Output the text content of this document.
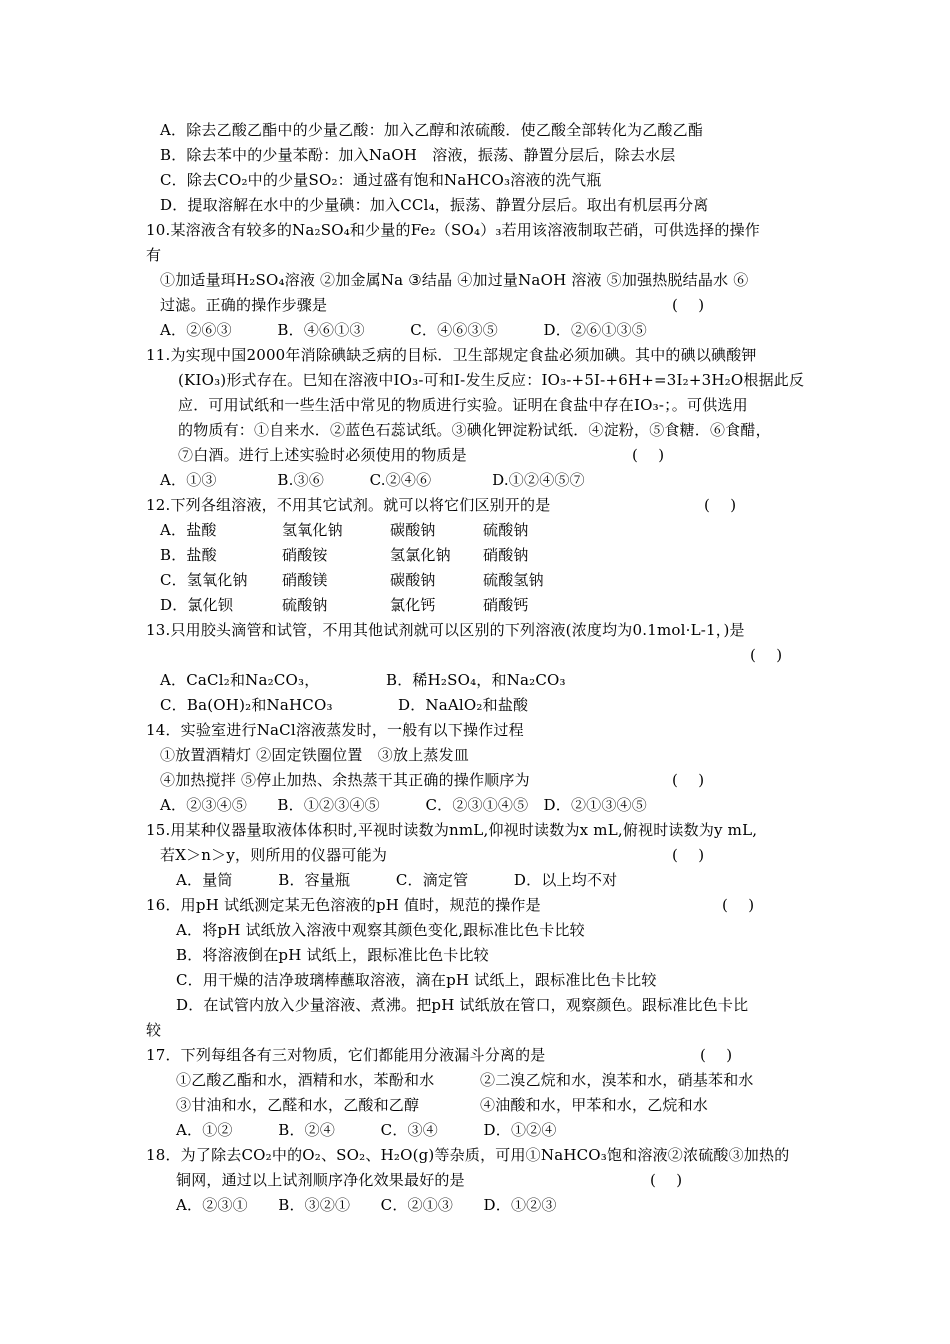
A．除去乙酸乙酯中的少量乙酸：加入乙醇和浓硫酸．使乙酸全部转化为乙酸乙酯
B．除去苯中的少量苯酚：加入NaOH　溶液，振荡、静置分层后，除去水层
C．除去CO₂中的少量SO₂：通过盛有饱和NaHCO₃溶液的洗气瓶
D．提取溶解在水中的少量碘：加入CCl₄，振荡、静置分层后。取出有机层再分离
10.某溶液含有较多的Na₂SO₄和少量的Fe₂（SO₄）₃若用该溶液制取芒硝，可供选择的操作
有
①加适量珥H₂SO₄溶液 ②加金属Na ③结晶 ④加过量NaOH 溶液 ⑤加强热脱结晶水 ⑥
过滤。正确的操作步骤是	(　 )
A．②⑥③　　　B．④⑥①③　　　C．④⑥③⑤　　　D．②⑥①③⑤
11.为实现中国2000年消除碘缺乏病的目标．卫生部规定食盐必须加碘。其中的碘以碘酸钾
(KIO₃)形式存在。巳知在溶液中IO₃-可和I-发生反应：IO₃-+5I-+6H+=3I₂+3H₂O根据此反
应．可用试纸和一些生活中常见的物质进行实验。证明在食盐中存在IO₃-；。可供选用
的物质有：①自来水．②蓝色石蕊试纸。③碘化钾淀粉试纸．④淀粉，⑤食糖．⑥食醋，
⑦白酒。进行上述实验时必须使用的物质是	(　 )
A．①③　　　　B.③⑥　　　C.②④⑥　　　　D.①②④⑤⑦
12.下列各组溶液，不用其它试剂。就可以将它们区别开的是	(　 )
A．盐酸	氢氧化钠	碳酸钠	硫酸钠
B．盐酸	硝酸铵	氢氯化钠 硝酸钠
C．氢氧化钠 硝酸镁	碳酸钠	硫酸氢钠
D．氯化钡	硫酸钠	氯化钙	硝酸钙
13.只用胶头滴管和试管，不用其他试剂就可以区别的下列溶液(浓度均为0.1mol·L-1，)是
(　 )
A．CaCl₂和Na₂CO₃，	B．稀H₂SO₄，和Na₂CO₃
C．Ba(OH)₂和NaHCO₃	D．NaAlO₂和盐酸
14．实验室进行NaCl溶液蒸发时，一般有以下操作过程
①放置酒精灯 ②固定铁圈位置　③放上蒸发皿
④加热搅拌 ⑤停止加热、余热蒸干其正确的操作顺序为	(　 )
A．②③④⑤　　B．①②③④⑤　　　C．②③①④⑤　D．②①③④⑤
15.用某种仪器量取液体体积时,平视时读数为nmL,仰视时读数为x mL,俯视时读数为y mL,
若X＞n＞y，则所用的仪器可能为	(　 )
A．量筒　　　B．容量瓶　　　C．滴定管　　　D．以上均不对
16．用pH 试纸测定某无色溶液的pH 值时，规范的操作是	(　 )
A．将pH 试纸放入溶液中观察其颜色变化,跟标准比色卡比较
B．将溶液倒在pH 试纸上，跟标准比色卡比较
C．用干燥的洁净玻璃棒蘸取溶液，滴在pH 试纸上，跟标准比色卡比较
D．在试管内放入少量溶液、煮沸。把pH 试纸放在管口，观察颜色。跟标准比色卡比
较
17．下列每组各有三对物质，它们都能用分液漏斗分离的是	(　 )
①乙酸乙酯和水，酒精和水，苯酚和水　　　②二溴乙烷和水，溴苯和水，硝基苯和水
③甘油和水，乙醛和水，乙酸和乙醇　　　　④油酸和水，甲苯和水，乙烷和水
A．①②　　　B．②④　　　C．③④　　　D．①②④
18．为了除去CO₂中的O₂、SO₂、H₂O(g)等杂质，可用①NaHCO₃饱和溶液②浓硫酸③加热的
铜网，通过以上试剂顺序净化效果最好的是	(　 )
A．②③①　　B．③②①　　C．②①③　　D．①②③
